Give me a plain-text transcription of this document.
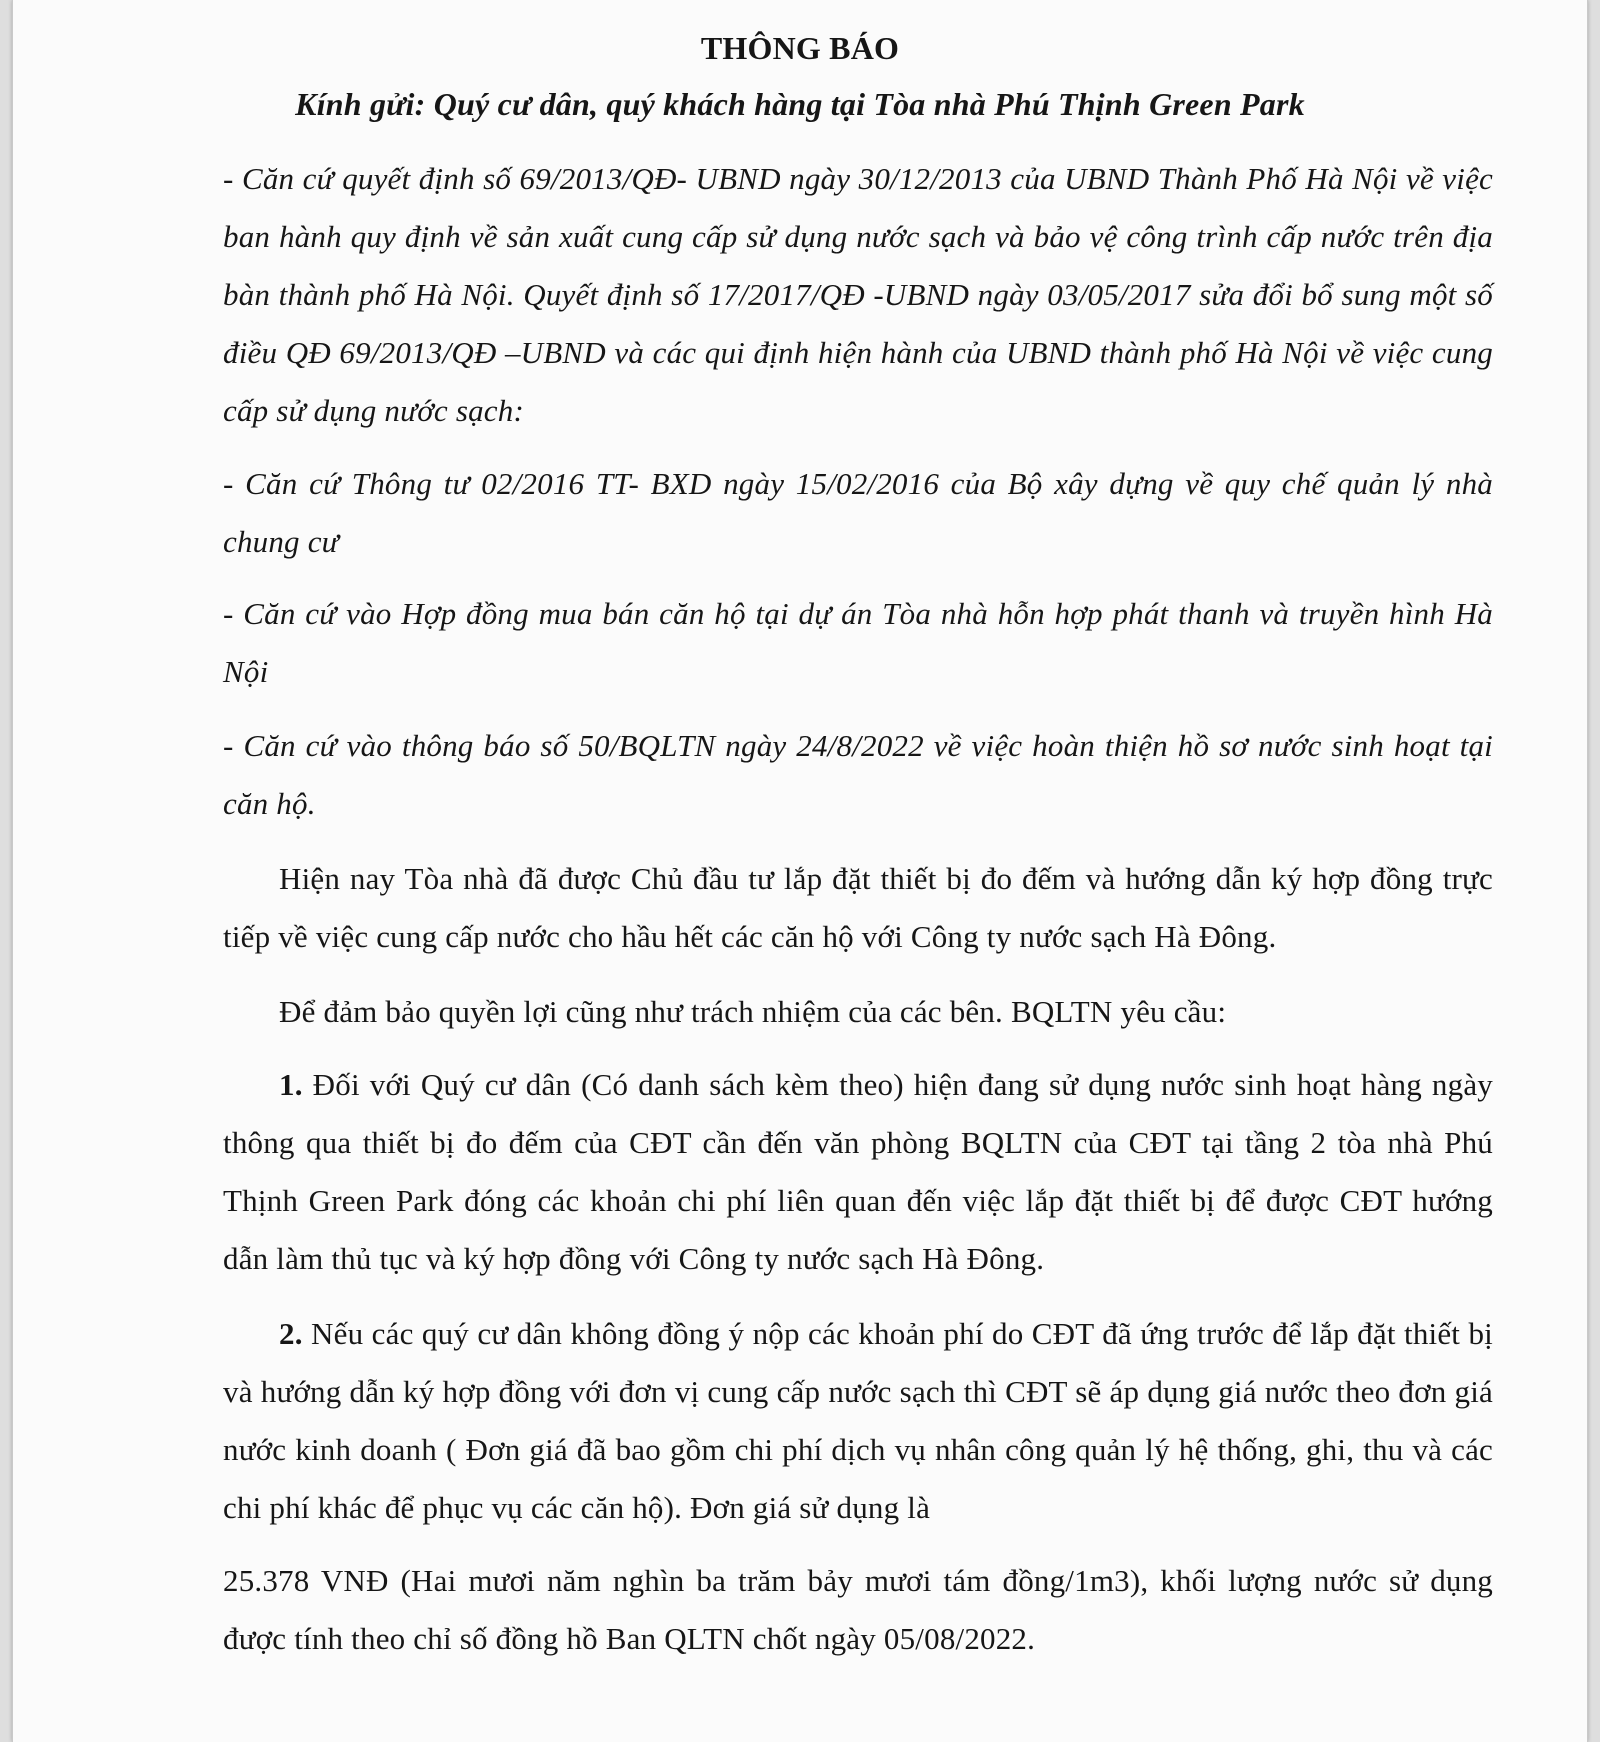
THÔNG BÁO
Kính gửi: Quý cư dân, quý khách hàng tại Tòa nhà Phú Thịnh Green Park

- Căn cứ quyết định số 69/2013/QĐ- UBND ngày 30/12/2013 của UBND Thành Phố Hà Nội về việc ban hành quy định về sản xuất cung cấp sử dụng nước sạch và bảo vệ công trình cấp nước trên địa bàn thành phố Hà Nội. Quyết định số 17/2017/QĐ -UBND ngày 03/05/2017 sửa đổi bổ sung một số điều QĐ 69/2013/QĐ –UBND và các qui định hiện hành của UBND thành phố Hà Nội về việc cung cấp sử dụng nước sạch:

- Căn cứ Thông tư 02/2016 TT- BXD ngày 15/02/2016 của Bộ xây dựng về quy chế quản lý nhà chung cư

- Căn cứ vào Hợp đồng mua bán căn hộ tại dự án Tòa nhà hỗn hợp phát thanh và truyền hình Hà Nội

- Căn cứ vào thông báo số 50/BQLTN ngày 24/8/2022 về việc hoàn thiện hồ sơ nước sinh hoạt tại căn hộ.

Hiện nay Tòa nhà đã được Chủ đầu tư lắp đặt thiết bị đo đếm và hướng dẫn ký hợp đồng trực tiếp về việc cung cấp nước cho hầu hết các căn hộ với Công ty nước sạch Hà Đông.

Để đảm bảo quyền lợi cũng như trách nhiệm của các bên. BQLTN yêu cầu:

1. Đối với Quý cư dân (Có danh sách kèm theo) hiện đang sử dụng nước sinh hoạt hàng ngày thông qua thiết bị đo đếm của CĐT cần đến văn phòng BQLTN của CĐT tại tầng 2 tòa nhà Phú Thịnh Green Park đóng các khoản chi phí liên quan đến việc lắp đặt thiết bị để được CĐT hướng dẫn làm thủ tục và ký hợp đồng với Công ty nước sạch Hà Đông.

2. Nếu các quý cư dân không đồng ý nộp các khoản phí do CĐT đã ứng trước để lắp đặt thiết bị và hướng dẫn ký hợp đồng với đơn vị cung cấp nước sạch thì CĐT sẽ áp dụng giá nước theo đơn giá nước kinh doanh ( Đơn giá đã bao gồm chi phí dịch vụ nhân công quản lý hệ thống, ghi, thu và các chi phí khác để phục vụ các căn hộ). Đơn giá sử dụng là

25.378 VNĐ (Hai mươi năm nghìn ba trăm bảy mươi tám đồng/1m3), khối lượng nước sử dụng được tính theo chỉ số đồng hồ Ban QLTN chốt ngày 05/08/2022.
